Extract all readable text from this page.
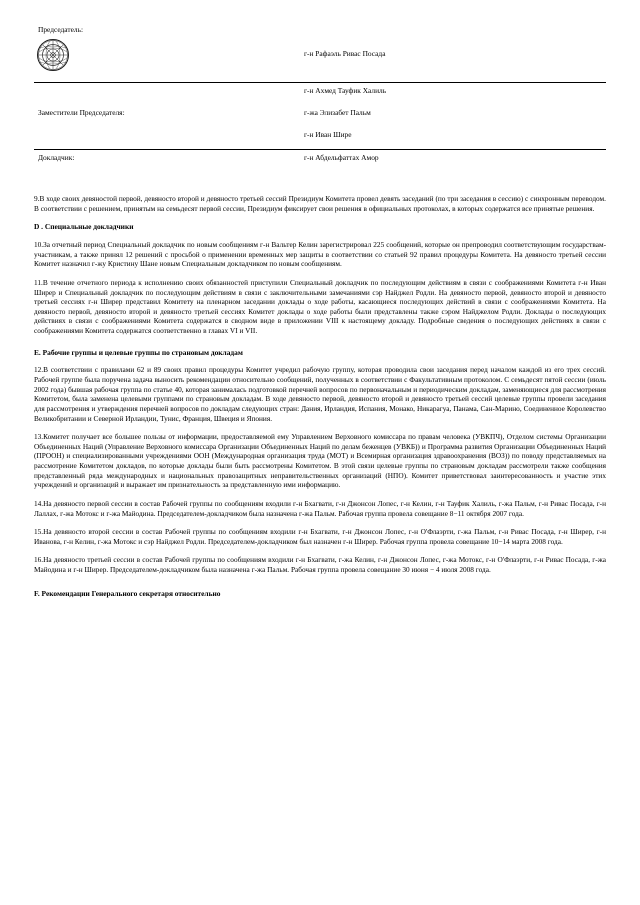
Председатель:
г-н Рафаэль Ривас Посада
г-н Ахмед Тауфик Халиль
Заместители Председателя:	г-жа Элизабет Пальм
г-н Иван Шире
Докладчик:	г-н Абдельфаттах Амор

9.В ходе своих девяностой первой, девяносто второй и девяносто третьей сессий Президиум Комитета провел девять заседаний (по три заседания в сессию) с синхронным переводом. В соответствии с решением, принятым на семьдесят первой сессии, Президиум фиксирует свои решения в официальных протоколах, в которых содержатся все принятые решения.

D . Специальные докладчики

10.За отчетный период Специальный докладчик по новым сообщениям г-н Вальтер Келин зарегистрировал 225 сообщений, которые он препроводил соответствующим государствам-участникам, а также принял 12 решений с просьбой о применении временных мер защиты в соответствии со статьей 92 правил процедуры Комитета. На девяносто третьей сессии Комитет назначил г-жу Кристину Шане новым Специальным докладчиком по новым сообщениям.

11.В течение отчетного периода к исполнению своих обязанностей приступили Специальный докладчик по последующим действиям в связи с соображениями Комитета г-н Иван Ширер и Специальный докладчик по последующим действиям в связи с заключительными замечаниями сэр Найджел Родли. На девяносто первой, девяносто второй и девяносто третьей сессиях г-н Ширер представил Комитету на пленарном заседании доклады о ходе работы, касающиеся последующих действий в связи с соображениями Комитета. На девяносто первой, девяносто второй и девяносто третьей сессиях Комитет доклады о ходе работы были представлены также сэром Найджелом Родли. Доклады о последующих действиях в связи с соображениями Комитета содержатся в сводном виде в приложении VIII к настоящему докладу. Подробные сведения о последующих действиях в связи с соображениями Комитета содержатся соответственно в главах VI и VII.

E. Рабочие группы и целевые группы по страновым докладам

12.В соответствии с правилами 62 и 89 своих правил процедуры Комитет учредил рабочую группу, которая проводила свои заседания перед началом каждой из его трех сессий. Рабочей группе была поручена задача выносить рекомендации относительно сообщений, полученных в соответствии с Факультативным протоколом. С семьдесят пятой сессии (июль 2002 года) бывшая рабочая группа по статье 40, которая занималась подготовкой перечней вопросов по первоначальным и периодическим докладам, заменяющиеся для рассмотрения Комитетом, была заменена целевыми группами по страновым докладам. В ходе девяносто первой, девяносто второй и девяносто третьей сессий целевые группы провели заседания для рассмотрения и утверждения перечней вопросов по докладам следующих стран: Дания, Ирландия, Испания, Монако, Никарагуа, Панама, Сан-Марино, Соединенное Королевство Великобритании и Северной Ирландии, Тунис, Франция, Швеция и Япония.

13.Комитет получает все большее пользы от информации, предоставляемой ему Управлением Верховного комиссара по правам человека (УВКПЧ), Отделом системы Организации Объединенных Наций (Управление Верховного комиссара Организации Объединенных Наций по делам беженцев (УВКБ)) и Программа развития Организации Объединенных Наций (ПРООН) и специализированными учреждениями ООН (Международная организация труда (МОТ) и Всемирная организация здравоохранения (ВОЗ)) по поводу представляемых на рассмотрение Комитетом докладов, по которые доклады были быть рассмотрены Комитетом. В этой связи целевые группы по страновым докладам рассмотрели также сообщения представленный ряда международных и национальных правозащитных неправительственных организаций (НПО). Комитет приветствовал заинтересованность и участие этих учреждений и организаций и выражает им признательность за представленную ими информацию.

14.На девяносто первой сессии в состав Рабочей группы по сообщениям входили г-н Бхагвати, г-н Джонсон Лопес, г-н Келин, г-н Тауфик Халиль, г-жа Пальм, г-н Ривас Посада, г-н Лаллах, г-жа Мотокс и г-жа Майодина. Председателем-докладчиком была назначена г-жа Пальм. Рабочая группа провела совещание 8−11 октября 2007 года.

15.На девяносто второй сессии в состав Рабочей группы по сообщениям входили г-н Бхагвати, г-н Джонсон Лопес, г-н О'Флаэрти, г-жа Пальм, г-н Ривас Посада, г-н Ширер, г-н Иванова, г-н Келин, г-жа Мотокс и сэр Найджел Родли. Председателем-докладчиком был назначен г-н Ширер. Рабочая группа провела совещание 10−14 марта 2008 года.

16.На девяносто третьей сессии в состав Рабочей группы по сообщениям входили г-н Бхагвати, г-жа Келин, г-н Джонсон Лопес, г-жа Мотокс, г-н О'Флаэрти, г-н Ривас Посада, г-жа Майодина и г-н Ширер. Председателем-докладчиком была назначена г-жа Пальм. Рабочая группа провела совещание 30 июня − 4 июля 2008 года.

F. Рекомендации Генерального секретаря относительно
